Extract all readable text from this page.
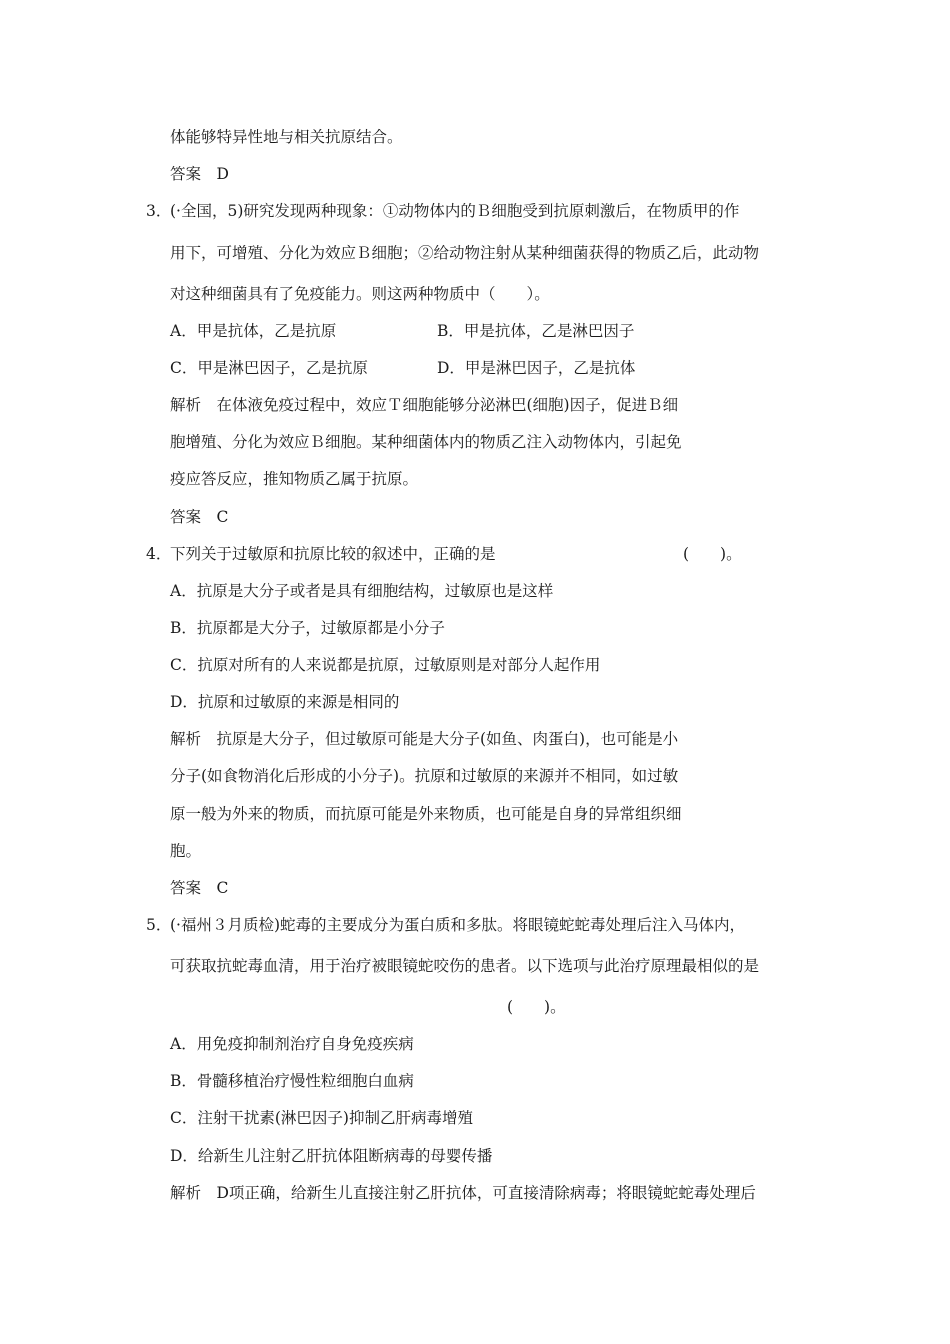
体能够特异性地与相关抗原结合。
答案　D
3．
(·全国，5)研究发现两种现象：①动物体内的Ｂ细胞受到抗原刺激后，在物质甲的作
用下，可增殖、分化为效应Ｂ细胞；②给动物注射从某种细菌获得的物质乙后，此动物
对这种细菌具有了免疫能力。则这两种物质中（　　）。
A．甲是抗体，乙是抗原	B．甲是抗体，乙是淋巴因子
C．甲是淋巴因子，乙是抗原	D．甲是淋巴因子，乙是抗体
解析　在体液免疫过程中，效应Ｔ细胞能够分泌淋巴(细胞)因子，促进Ｂ细
胞增殖、分化为效应Ｂ细胞。某种细菌体内的物质乙注入动物体内，引起免
疫应答反应，推知物质乙属于抗原。
答案　C
4．
下列关于过敏原和抗原比较的叙述中，正确的是	(　　)。
A．抗原是大分子或者是具有细胞结构，过敏原也是这样
B．抗原都是大分子，过敏原都是小分子
C．抗原对所有的人来说都是抗原，过敏原则是对部分人起作用
D．抗原和过敏原的来源是相同的
解析　抗原是大分子，但过敏原可能是大分子(如鱼、肉蛋白)，也可能是小
分子(如食物消化后形成的小分子)。抗原和过敏原的来源并不相同，如过敏
原一般为外来的物质，而抗原可能是外来物质，也可能是自身的异常组织细
胞。
答案　C
5．
(·福州３月质检)蛇毒的主要成分为蛋白质和多肽。将眼镜蛇蛇毒处理后注入马体内，
可获取抗蛇毒血清，用于治疗被眼镜蛇咬伤的患者。以下选项与此治疗原理最相似的是
(　　)。
A．用免疫抑制剂治疗自身免疫疾病
B．骨髓移植治疗慢性粒细胞白血病
C．注射干扰素(淋巴因子)抑制乙肝病毒增殖
D．给新生儿注射乙肝抗体阻断病毒的母婴传播
解析　D项正确，给新生儿直接注射乙肝抗体，可直接清除病毒；将眼镜蛇蛇毒处理后
